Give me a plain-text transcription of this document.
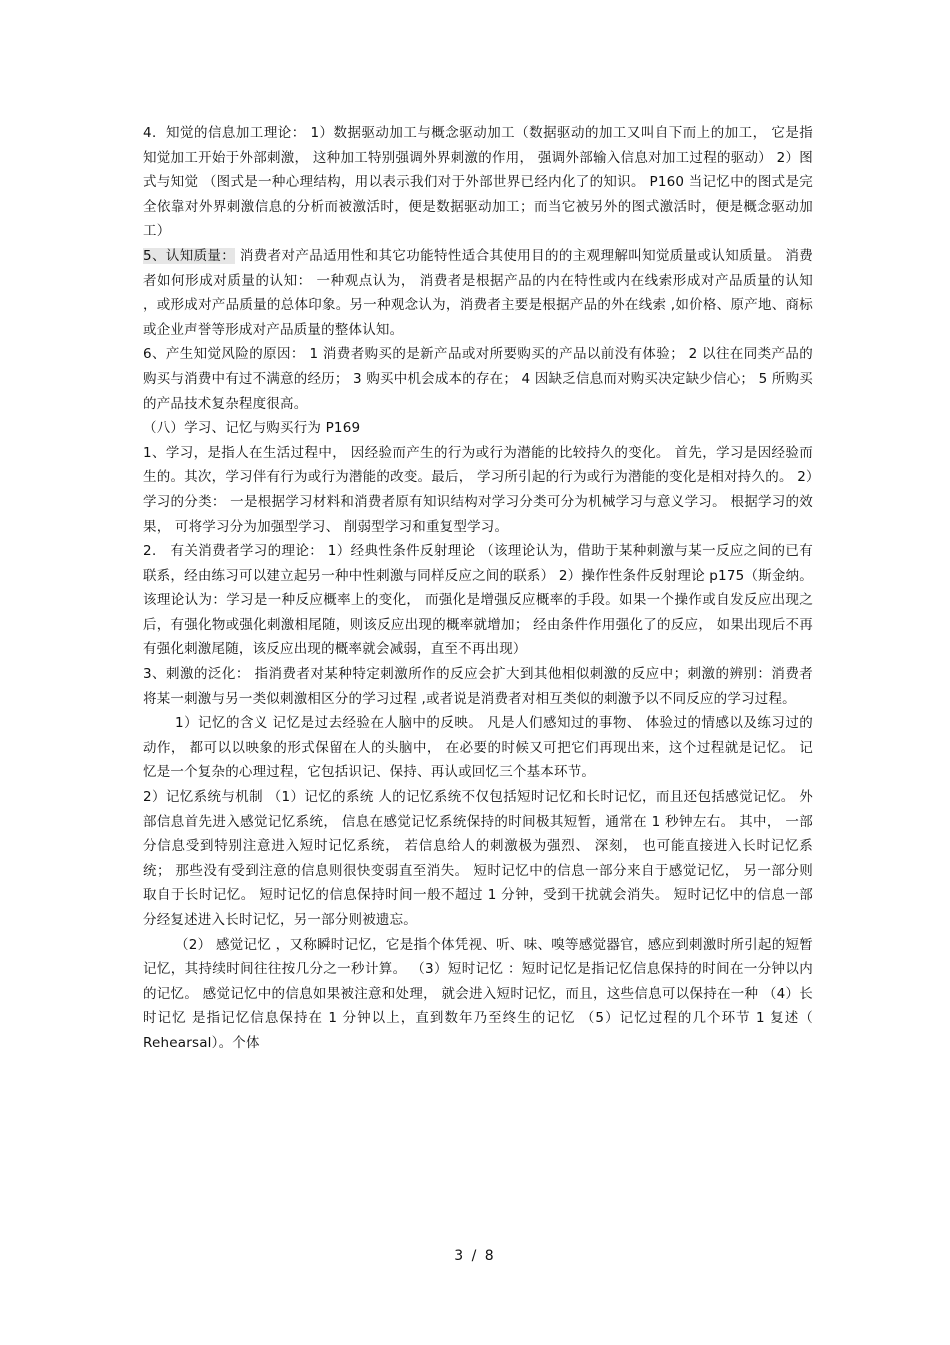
4．知觉的信息加工理论： 1）数据驱动加工与概念驱动加工（数据驱动的加工又叫自下而上的加工， 它是指知觉加工开始于外部刺激， 这种加工特别强调外界刺激的作用， 强调外部输入信息对加工过程的驱动） 2）图式与知觉 （图式是一种心理结构，用以表示我们对于外部世界已经内化了的知识。 P160 当记忆中的图式是完全依靠对外界刺激信息的分析而被激活时，便是数据驱动加工；而当它被另外的图式激活时，便是概念驱动加工）

5、认知质量： 消费者对产品适用性和其它功能特性适合其使用目的的主观理解叫知觉质量或认知质量。 消费者如何形成对质量的认知： 一种观点认为， 消费者是根据产品的内在特性或内在线索形成对产品质量的认知 ，或形成对产品质量的总体印象。另一种观念认为，消费者主要是根据产品的外在线索 ,如价格、原产地、商标或企业声誉等形成对产品质量的整体认知。

6、产生知觉风险的原因： 1 消费者购买的是新产品或对所要购买的产品以前没有体验； 2 以往在同类产品的购买与消费中有过不满意的经历； 3 购买中机会成本的存在； 4 因缺乏信息而对购买决定缺少信心； 5 所购买的产品技术复杂程度很高。

（八）学习、记忆与购买行为 P169

1、学习，是指人在生活过程中， 因经验而产生的行为或行为潜能的比较持久的变化。 首先，学习是因经验而生的。其次，学习伴有行为或行为潜能的改变。最后， 学习所引起的行为或行为潜能的变化是相对持久的。 2）学习的分类： 一是根据学习材料和消费者原有知识结构对学习分类可分为机械学习与意义学习。 根据学习的效果， 可将学习分为加强型学习、 削弱型学习和重复型学习。

2． 有关消费者学习的理论： 1）经典性条件反射理论 （该理论认为，借助于某种刺激与某一反应之间的已有联系，经由练习可以建立起另一种中性刺激与同样反应之间的联系） 2）操作性条件反射理论 p175（斯金纳。该理论认为：学习是一种反应概率上的变化， 而强化是增强反应概率的手段。如果一个操作或自发反应出现之后，有强化物或强化刺激相尾随，则该反应出现的概率就增加； 经由条件作用强化了的反应， 如果出现后不再有强化刺激尾随，该反应出现的概率就会减弱，直至不再出现）

3、刺激的泛化： 指消费者对某种特定刺激所作的反应会扩大到其他相似刺激的反应中；刺激的辨别：消费者将某一刺激与另一类似刺激相区分的学习过程 ,或者说是消费者对相互类似的刺激予以不同反应的学习过程。

1）记忆的含义 记忆是过去经验在人脑中的反映。 凡是人们感知过的事物、 体验过的情感以及练习过的动作， 都可以以映象的形式保留在人的头脑中， 在必要的时候又可把它们再现出来，这个过程就是记忆。 记忆是一个复杂的心理过程，它包括识记、保持、再认或回忆三个基本环节。

2）记忆系统与机制 （1）记忆的系统 人的记忆系统不仅包括短时记忆和长时记忆，而且还包括感觉记忆。 外部信息首先进入感觉记忆系统， 信息在感觉记忆系统保持的时间极其短暂，通常在 1 秒钟左右。 其中， 一部分信息受到特别注意进入短时记忆系统， 若信息给人的刺激极为强烈、 深刻， 也可能直接进入长时记忆系统； 那些没有受到注意的信息则很快变弱直至消失。 短时记忆中的信息一部分来自于感觉记忆， 另一部分则取自于长时记忆。 短时记忆的信息保持时间一般不超过 1 分钟，受到干扰就会消失。 短时记忆中的信息一部分经复述进入长时记忆，另一部分则被遗忘。

（2） 感觉记忆 ，又称瞬时记忆，它是指个体凭视、听、味、嗅等感觉器官，感应到刺激时所引起的短暂记忆，其持续时间往往按几分之一秒计算。 （3）短时记忆 ：短时记忆是指记忆信息保持的时间在一分钟以内的记忆。 感觉记忆中的信息如果被注意和处理， 就会进入短时记忆，而且，这些信息可以保持在一种 （4）长时记忆 是指记忆信息保持在 1 分钟以上，直到数年乃至终生的记忆 （5）记忆过程的几个环节 1 复述（ Rehearsal）。个体

3 / 8
